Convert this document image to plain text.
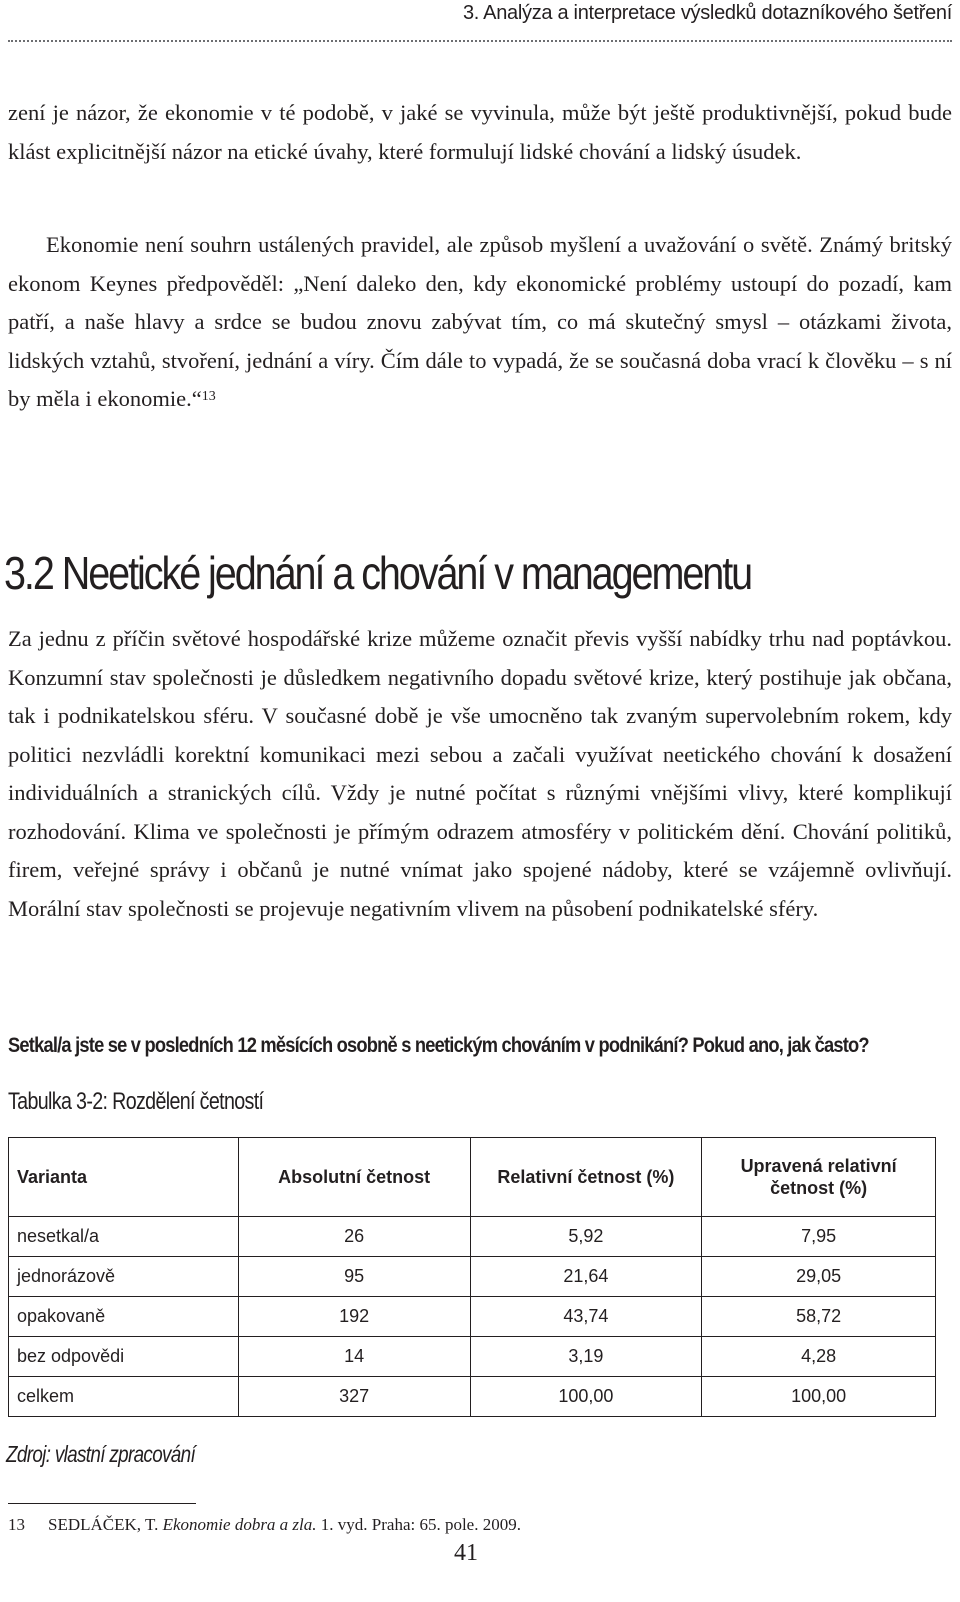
3. Analýza a interpretace výsledků dotazníkového šetření

zení je názor, že ekonomie v té podobě, v jaké se vyvinula, může být ještě produktivnější, pokud bude klást explicitnější názor na etické úvahy, které formulují lidské chování a lidský úsudek.

Ekonomie není souhrn ustálených pravidel, ale způsob myšlení a uvažování o světě. Známý britský ekonom Keynes předpověděl: „Není daleko den, kdy ekonomické problémy ustoupí do pozadí, kam patří, a naše hlavy a srdce se budou znovu zabývat tím, co má skutečný smysl – otázkami života, lidských vztahů, stvoření, jednání a víry. Čím dále to vypadá, že se současná doba vrací k člověku – s ní by měla i ekonomie.“$^{13}$

3.2 Neetické jednání a chování v managementu

Za jednu z příčin světové hospodářské krize můžeme označit převis vyšší nabídky trhu nad poptávkou. Konzumní stav společnosti je důsledkem negativního dopadu světové krize, který postihuje jak občana, tak i podnikatelskou sféru. V současné době je vše umocněno tak zvaným supervolebním rokem, kdy politici nezvládli korektní komunikaci mezi sebou a začali využívat neetického chování k dosažení individuálních a stranických cílů. Vždy je nutné počítat s různými vnějšími vlivy, které komplikují rozhodování. Klima ve společnosti je přímým odrazem atmosféry v politickém dění. Chování politiků, firem, veřejné správy i občanů je nutné vnímat jako spojené nádoby, které se vzájemně ovlivňují. Morální stav společnosti se projevuje negativním vlivem na působení podnikatelské sféry.

Setkal/a jste se v posledních 12 měsících osobně s neetickým chováním v podnikání? Pokud ano, jak často?

Tabulka 3-2: Rozdělení četností

Varianta	Absolutní četnost	Relativní četnost (%)	Upravená relativní četnost (%)
nesetkal/a	26	5,92	7,95
jednorázově	95	21,64	29,05
opakovaně	192	43,74	58,72
bez odpovědi	14	3,19	4,28
celkem	327	100,00	100,00

Zdroj: vlastní zpracování

13 SEDLÁČEK, T. Ekonomie dobra a zla. 1. vyd. Praha: 65. pole. 2009.

41
